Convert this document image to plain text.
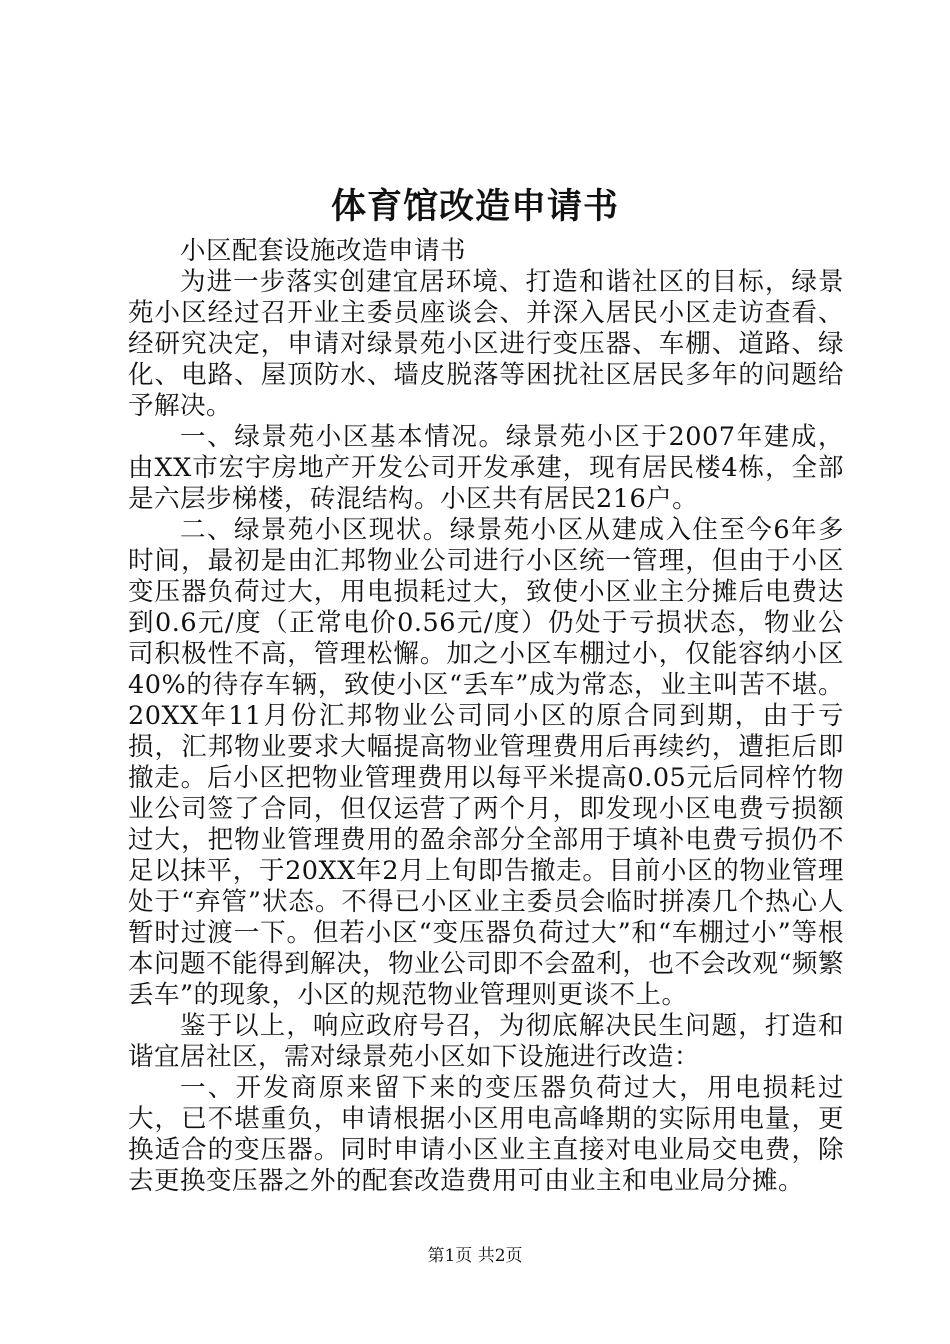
体育馆改造申请书

小区配套设施改造申请书

为进一步落实创建宜居环境、打造和谐社区的目标，绿景苑小区经过召开业主委员座谈会、并深入居民小区走访查看、经研究决定，申请对绿景苑小区进行变压器、车棚、道路、绿化、电路、屋顶防水、墙皮脱落等困扰社区居民多年的问题给予解决。

一、绿景苑小区基本情况。绿景苑小区于2007年建成，由XX市宏宇房地产开发公司开发承建，现有居民楼4栋，全部是六层步梯楼，砖混结构。小区共有居民216户。

二、绿景苑小区现状。绿景苑小区从建成入住至今6年多时间，最初是由汇邦物业公司进行小区统一管理，但由于小区变压器负荷过大，用电损耗过大，致使小区业主分摊后电费达到0.6元/度（正常电价0.56元/度）仍处于亏损状态，物业公司积极性不高，管理松懈。加之小区车棚过小，仅能容纳小区40%的待存车辆，致使小区“丢车”成为常态，业主叫苦不堪。20XX年11月份汇邦物业公司同小区的原合同到期，由于亏损，汇邦物业要求大幅提高物业管理费用后再续约，遭拒后即撤走。后小区把物业管理费用以每平米提高0.05元后同梓竹物业公司签了合同，但仅运营了两个月，即发现小区电费亏损额过大，把物业管理费用的盈余部分全部用于填补电费亏损仍不足以抹平，于20XX年2月上旬即告撤走。目前小区的物业管理处于“弃管”状态。不得已小区业主委员会临时拼凑几个热心人暂时过渡一下。但若小区“变压器负荷过大”和“车棚过小”等根本问题不能得到解决，物业公司即不会盈利，也不会改观“频繁丢车”的现象，小区的规范物业管理则更谈不上。

鉴于以上，响应政府号召，为彻底解决民生问题，打造和谐宜居社区，需对绿景苑小区如下设施进行改造：

一、开发商原来留下来的变压器负荷过大，用电损耗过大，已不堪重负，申请根据小区用电高峰期的实际用电量，更换适合的变压器。同时申请小区业主直接对电业局交电费，除去更换变压器之外的配套改造费用可由业主和电业局分摊。

第1页 共2页
